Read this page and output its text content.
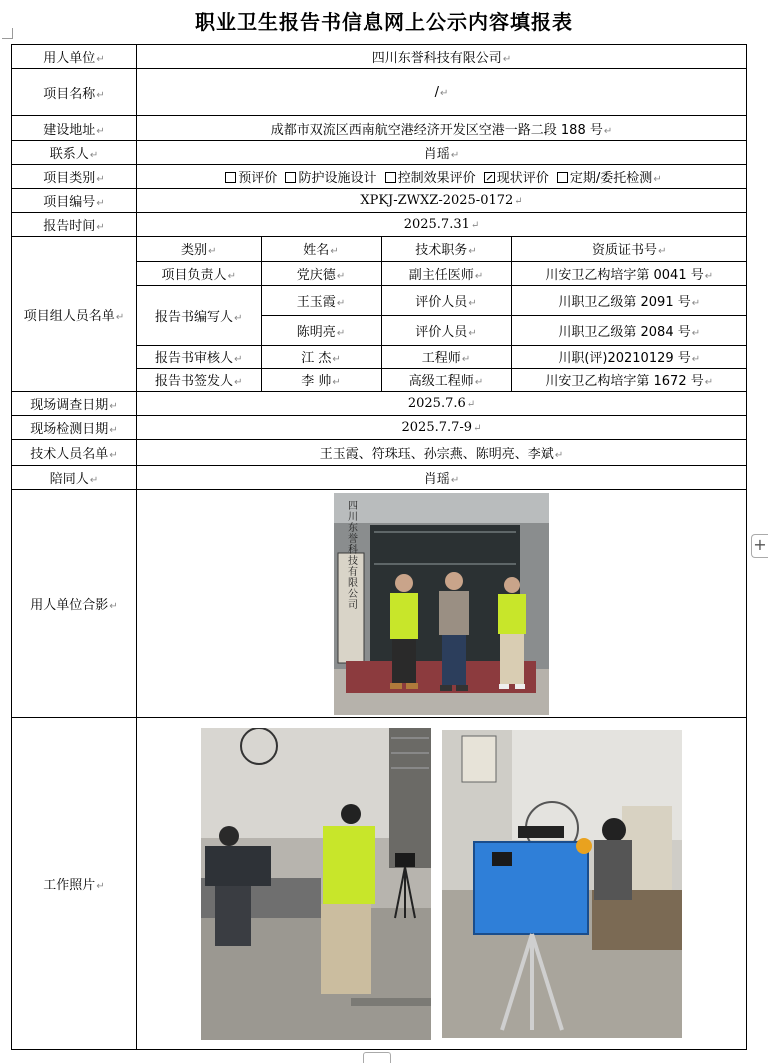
职业卫生报告书信息网上公示内容填报表
用人单位↵	四川东誉科技有限公司↵
项目名称↵	/↵
建设地址↵	成都市双流区西南航空港经济开发区空港一路二段 188 号↵
联系人↵	肖瑶↵
项目类别↵	预评价 防护设施设计 控制效果评价 现状评价 定期/委托检测↵
项目编号↵	XPKJ-ZWXZ-2025-0172↵
报告时间↵	2025.7.31↵
项目组人员名单↵	
类别↵	姓名↵	技术职务↵	资质证书号↵
项目负责人↵	党庆德↵	副主任医师↵	川安卫乙构培字第 0041 号↵
报告书编写人↵	王玉霞↵	评价人员↵	川职卫乙级第 2091 号↵
陈明亮↵	评价人员↵	川职卫乙级第 2084 号↵
报告书审核人↵	江 杰↵	工程师↵	川职(评)20210129 号↵
报告书签发人↵	李 帅↵	高级工程师↵	川安卫乙构培字第 1672 号↵

现场调查日期↵	2025.7.6↵
现场检测日期↵	2025.7.7-9↵
技术人员名单↵	王玉霞、符珠珏、孙宗燕、陈明亮、李斌↵
陪同人↵	肖瑶↵
用人单位合影↵	四川东誉科技有限公司

工作照片↵	
+
